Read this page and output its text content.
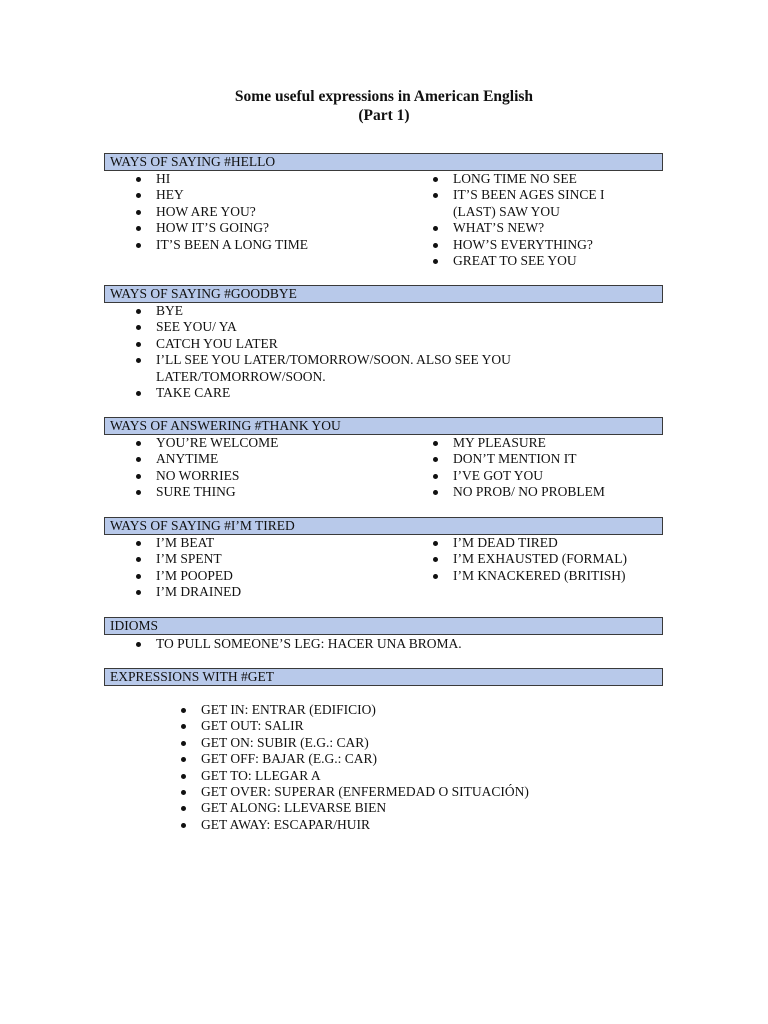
Some useful expressions in American English
(Part 1)
WAYS OF SAYING #HELLO
HI
HEY
HOW ARE YOU?
HOW IT’S GOING?
IT’S BEEN A LONG TIME
LONG TIME NO SEE
IT’S BEEN AGES SINCE I
(LAST) SAW YOU
WHAT’S NEW?
HOW’S EVERYTHING?
GREAT TO SEE YOU
WAYS OF SAYING #GOODBYE
BYE
SEE YOU/ YA
CATCH YOU LATER
I’LL SEE YOU LATER/TOMORROW/SOON. ALSO SEE YOU
LATER/TOMORROW/SOON.
TAKE CARE
WAYS OF ANSWERING #THANK YOU
YOU’RE WELCOME
ANYTIME
NO WORRIES
SURE THING
MY PLEASURE
DON’T MENTION IT
I’VE GOT YOU
NO PROB/ NO PROBLEM
WAYS OF SAYING #I’M TIRED
I’M BEAT
I’M SPENT
I’M POOPED
I’M DRAINED
I’M DEAD TIRED
I’M EXHAUSTED (FORMAL)
I’M KNACKERED (BRITISH)
IDIOMS
TO PULL SOMEONE’S LEG: HACER UNA BROMA.
EXPRESSIONS WITH #GET
GET IN: ENTRAR (EDIFICIO)
GET OUT: SALIR
GET ON: SUBIR (E.G.: CAR)
GET OFF: BAJAR (E.G.: CAR)
GET TO: LLEGAR A
GET OVER: SUPERAR (ENFERMEDAD O SITUACIÓN)
GET ALONG: LLEVARSE BIEN
GET AWAY: ESCAPAR/HUIR
